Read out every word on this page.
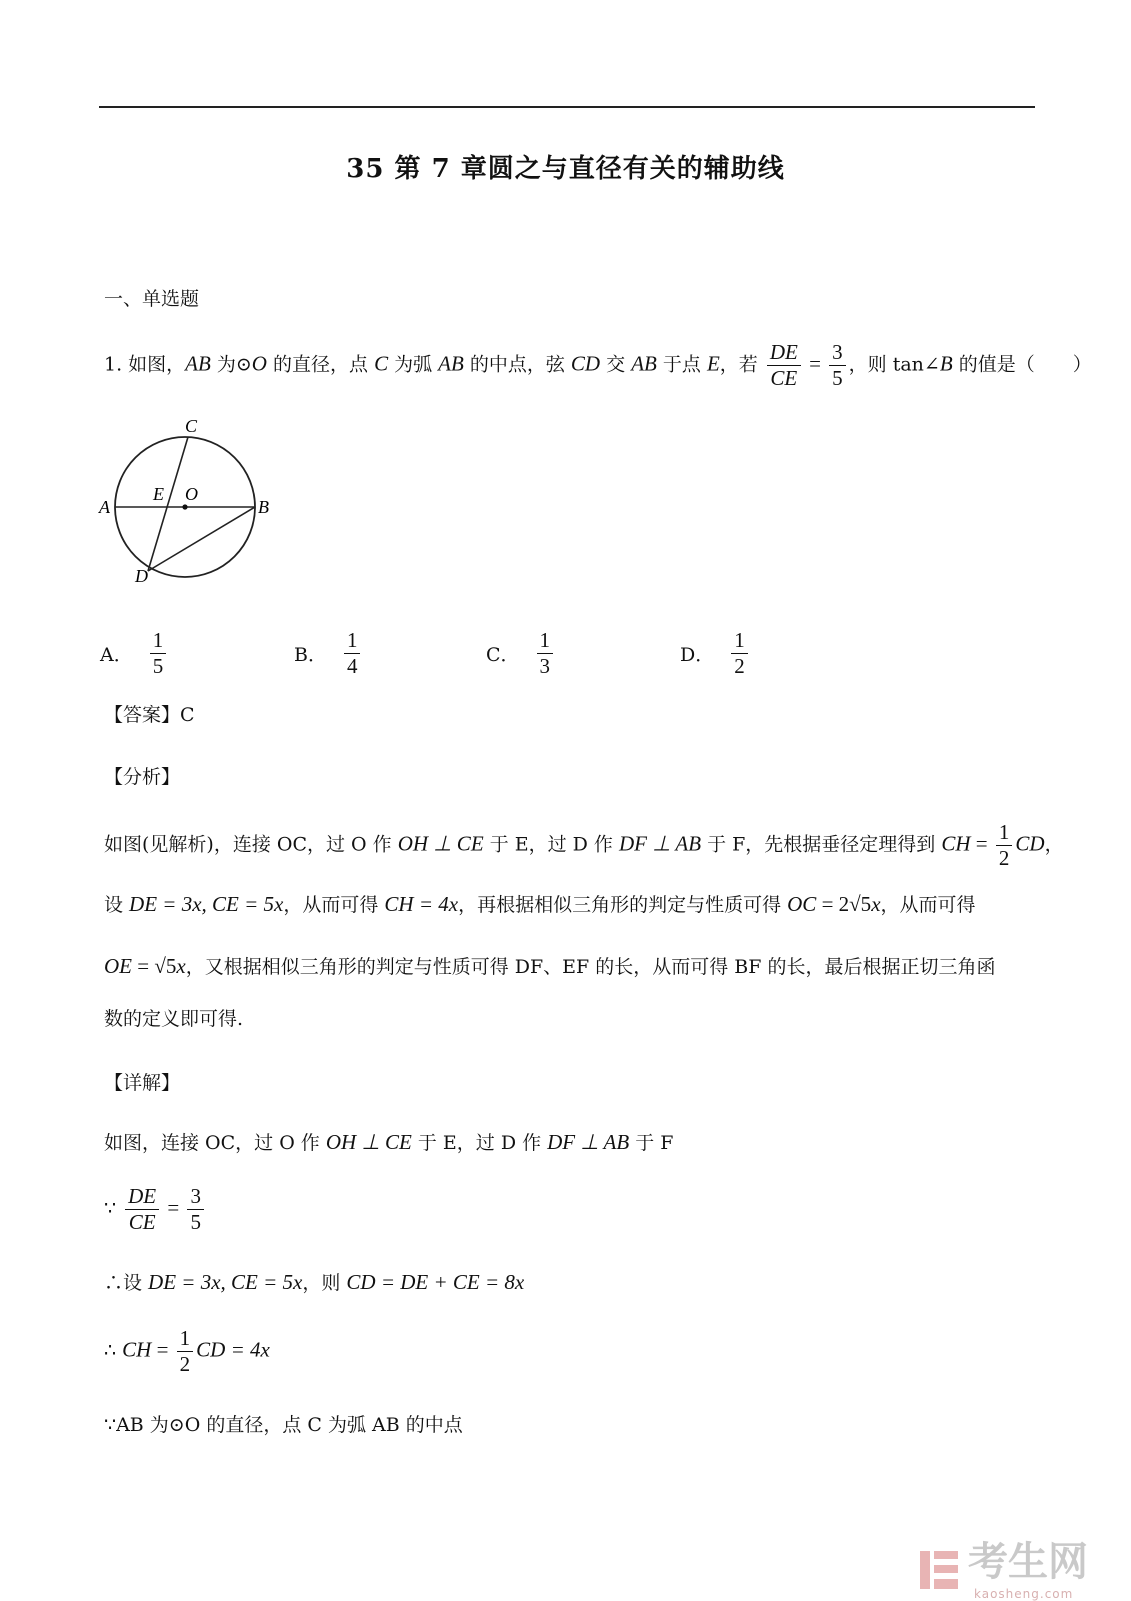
35 第 7 章圆之与直径有关的辅助线
一、单选题
1. 如图，AB 为⊙O 的直径，点 C 为弧 AB 的中点，弦 CD 交 AB 于点 E，若 $\frac{DE}{CE} = \frac{3}{5}$ ，则 tan∠B 的值是（　　）
C
A
E O
B
D
A． $\frac{1}{5}$	B． $\frac{1}{4}$	C． $\frac{1}{3}$	D． $\frac{1}{2}$
【答案】C
【分析】
如图(见解析)，连接 OC，过 O 作 OH ⊥ CE 于 E，过 D 作 DF ⊥ AB 于 F，先根据垂径定理得到 CH = $\frac{1}{2}$ CD，
设 DE = 3x, CE = 5x，从而可得 CH = 4x，再根据相似三角形的判定与性质可得 OC = 2√5x，从而可得
OE = √5x，又根据相似三角形的判定与性质可得 DF、EF 的长，从而可得 BF 的长，最后根据正切三角函
数的定义即可得.
【详解】
如图，连接 OC，过 O 作 OH ⊥ CE 于 E，过 D 作 DF ⊥ AB 于 F
∵ $\frac{DE}{CE} = \frac{3}{5}$
∴设 DE = 3x, CE = 5x，则 CD = DE + CE = 8x
∴ CH = $\frac{1}{2}$ CD = 4x
∵AB 为⊙O 的直径，点 C 为弧 AB 的中点
考生网
kaosheng.com
